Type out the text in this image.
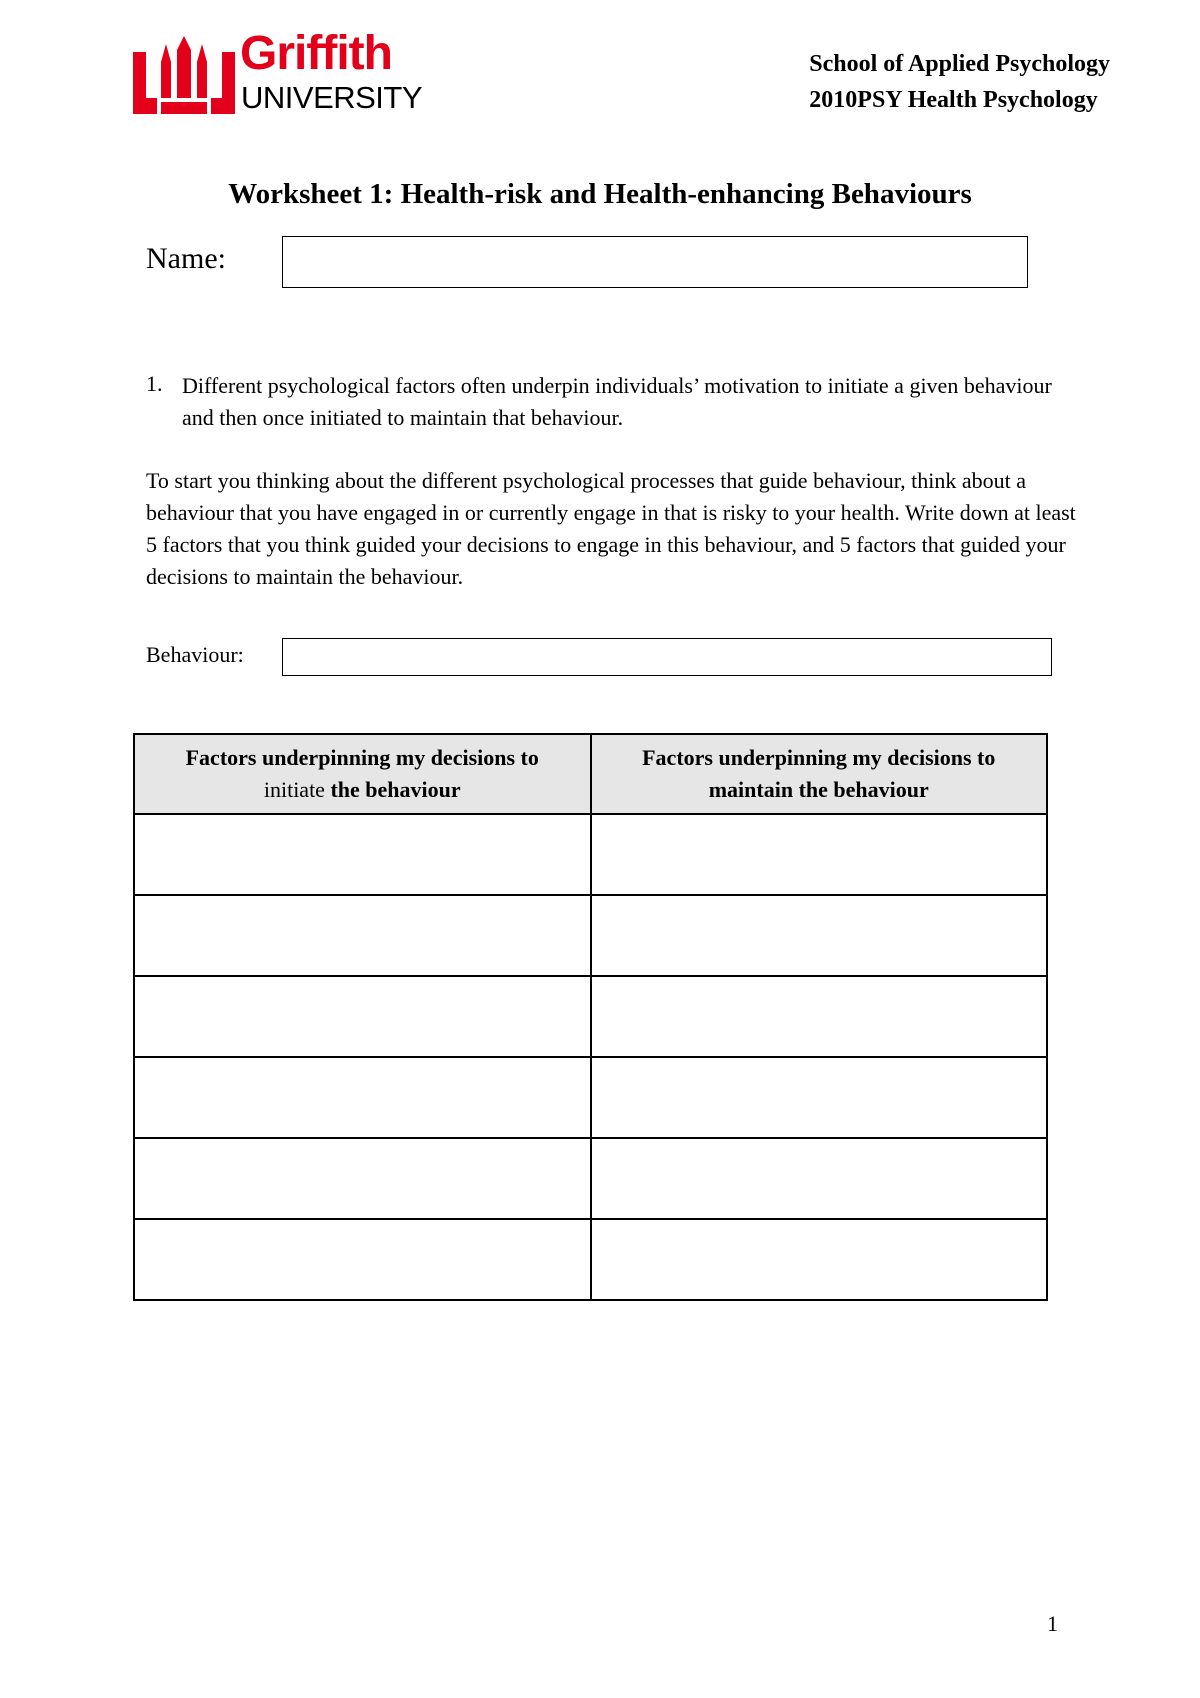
Griffith
UNIVERSITY
School of Applied Psychology
2010PSY Health Psychology
Worksheet 1: Health-risk and Health-enhancing Behaviours
Name:
1. Different psychological factors often underpin individuals’ motivation to initiate a given behaviour and then once initiated to maintain that behaviour.
To start you thinking about the different psychological processes that guide behaviour, think about a behaviour that you have engaged in or currently engage in that is risky to your health. Write down at least 5 factors that you think guided your decisions to engage in this behaviour, and 5 factors that guided your decisions to maintain the behaviour.
Behaviour:
Factors underpinning my decisions to
initiate the behaviour	Factors underpinning my decisions to
maintain the behaviour

1
